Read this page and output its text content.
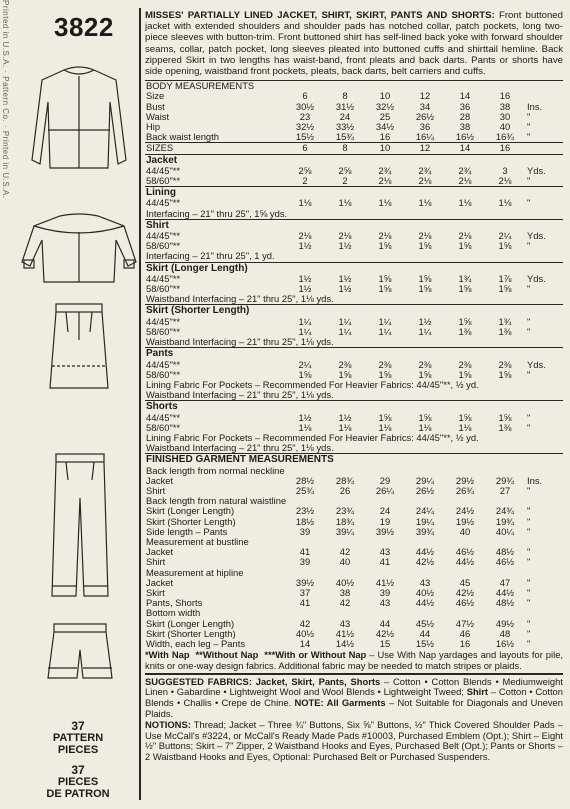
Printed in U.S.A. · Pattern Co. · Printed in U.S.A. 3822
37
PATTERN
PIECES
37
PIECES
DE PATRON

MISSES' PARTIALLY LINED JACKET, SHIRT, SKIRT, PANTS AND SHORTS: Front buttoned jacket with extended shoulders and shoulder pads has notched collar, patch pockets, long two-piece sleeves with button-trim. Front buttoned shirt has self-lined back yoke with forward shoulder seams, collar, patch pocket, long sleeves pleated into buttoned cuffs and shirttail hemline. Back zippered Skirt in two lengths has waist-band, front pleats and back darts. Pants or shorts have side opening, waistband front pockets, pleats, back darts, belt carriers and cuffs.

BODY MEASUREMENTS							
Size	6	8	10	12	14	16	
Bust	30½	31½	32½	34	36	38	Ins.
Waist	23	24	25	26½	28	30	"
Hip	32½	33½	34½	36	38	40	"
Back waist length	15½	15¾	16	16¼	16½	16¾	"
SIZES	6	8	10	12	14	16	
Jacket							
44/45"**	2⅝	2⅝	2¾	2¾	2¾	3	Yds.
58/60"**	2	2	2⅛	2⅛	2⅛	2⅛	"
Lining							
44/45"**	1⅛	1⅛	1⅛	1⅛	1⅛	1⅛	"
Interfacing – 21" thru 25", 1⅝ yds.							
Shirt							
44/45"**	2⅛	2⅛	2⅛	2⅛	2⅛	2¼	Yds.
58/60"**	1½	1½	1⅝	1⅝	1⅝	1⅝	"
Interfacing – 21" thru 25", 1 yd.							
Skirt (Longer Length)							
44/45"**	1½	1½	1⅝	1⅝	1¾	1⅞	Yds.
58/60"**	1½	1½	1⅝	1⅝	1⅝	1⅝	"
Waistband Interfacing – 21" thru 25", 1⅛ yds.							
Skirt (Shorter Length)							
44/45"**	1¼	1¼	1¼	1½	1⅝	1¾	"
58/60"**	1¼	1¼	1¼	1¼	1⅜	1⅜	"
Waistband Interfacing – 21" thru 25", 1⅛ yds.							
Pants							
44/45"**	2¼	2⅜	2⅜	2⅜	2⅜	2⅜	Yds.
58/60"**	1⅝	1⅝	1⅝	1⅝	1⅝	1⅝	"
Lining Fabric For Pockets – Recommended For Heavier Fabrics: 44/45"**, ½ yd.							
Waistband Interfacing – 21" thru 25", 1⅛ yds.							
Shorts							
44/45"**	1½	1½	1⅝	1⅝	1⅝	1⅝	"
58/60"**	1⅛	1⅛	1⅛	1⅛	1⅛	1⅜	"
Lining Fabric For Pockets – Recommended For Heavier Fabrics: 44/45"**, ½ yd.							
Waistband Interfacing – 21" thru 25", 1⅛ yds.							
FINISHED GARMENT MEASUREMENTS							
Back length from normal neckline							
Jacket	28½	28¾	29	29¼	29½	29¾	Ins.
Shirt	25¾	26	26¼	26½	26¾	27	"
Back length from natural waistline							
Skirt (Longer Length)	23½	23¾	24	24¼	24½	24¾	"
Skirt (Shorter Length)	18½	18¾	19	19¼	19½	19¾	"
Side length – Pants	39	39¼	39½	39¾	40	40¼	"
Measurement at bustline							
Jacket	41	42	43	44½	46½	48½	"
Shirt	39	40	41	42½	44½	46½	"
Measurement at hipline							
Jacket	39½	40½	41½	43	45	47	"
Skirt	37	38	39	40½	42½	44½	"
Pants, Shorts	41	42	43	44½	46½	48½	"
Bottom width							
Skirt (Longer Length)	42	43	44	45½	47½	49½	"
Skirt (Shorter Length)	40½	41½	42½	44	46	48	"
Width, each leg – Pants	14	14½	15	15½	16	16½	"

*With Nap **Without Nap ***With or Without Nap – Use With Nap yardages and layouts for pile, knits or one-way design fabrics. Additional fabric may be needed to match stripes or plaids.

SUGGESTED FABRICS: Jacket, Skirt, Pants, Shorts – Cotton • Cotton Blends • Mediumweight Linen • Gabardine • Lightweight Wool and Wool Blends • Lightweight Tweed; Shirt – Cotton • Cotton Blends • Challis • Crepe de Chine. NOTE: All Garments – Not Suitable for Diagonals and Uneven Plaids.

NOTIONS: Thread; Jacket – Three ¾" Buttons, Six ⅝" Buttons, ½" Thick Covered Shoulder Pads – Use McCall's #3224, or McCall's Ready Made Pads #10003, Purchased Emblem (Opt.); Shirt – Eight ½" Buttons; Skirt – 7" Zipper, 2 Waistband Hooks and Eyes, Purchased Belt (Opt.); Pants or Shorts – 2 Waistband Hooks and Eyes, Optional: Purchased Belt or Purchased Suspenders.
